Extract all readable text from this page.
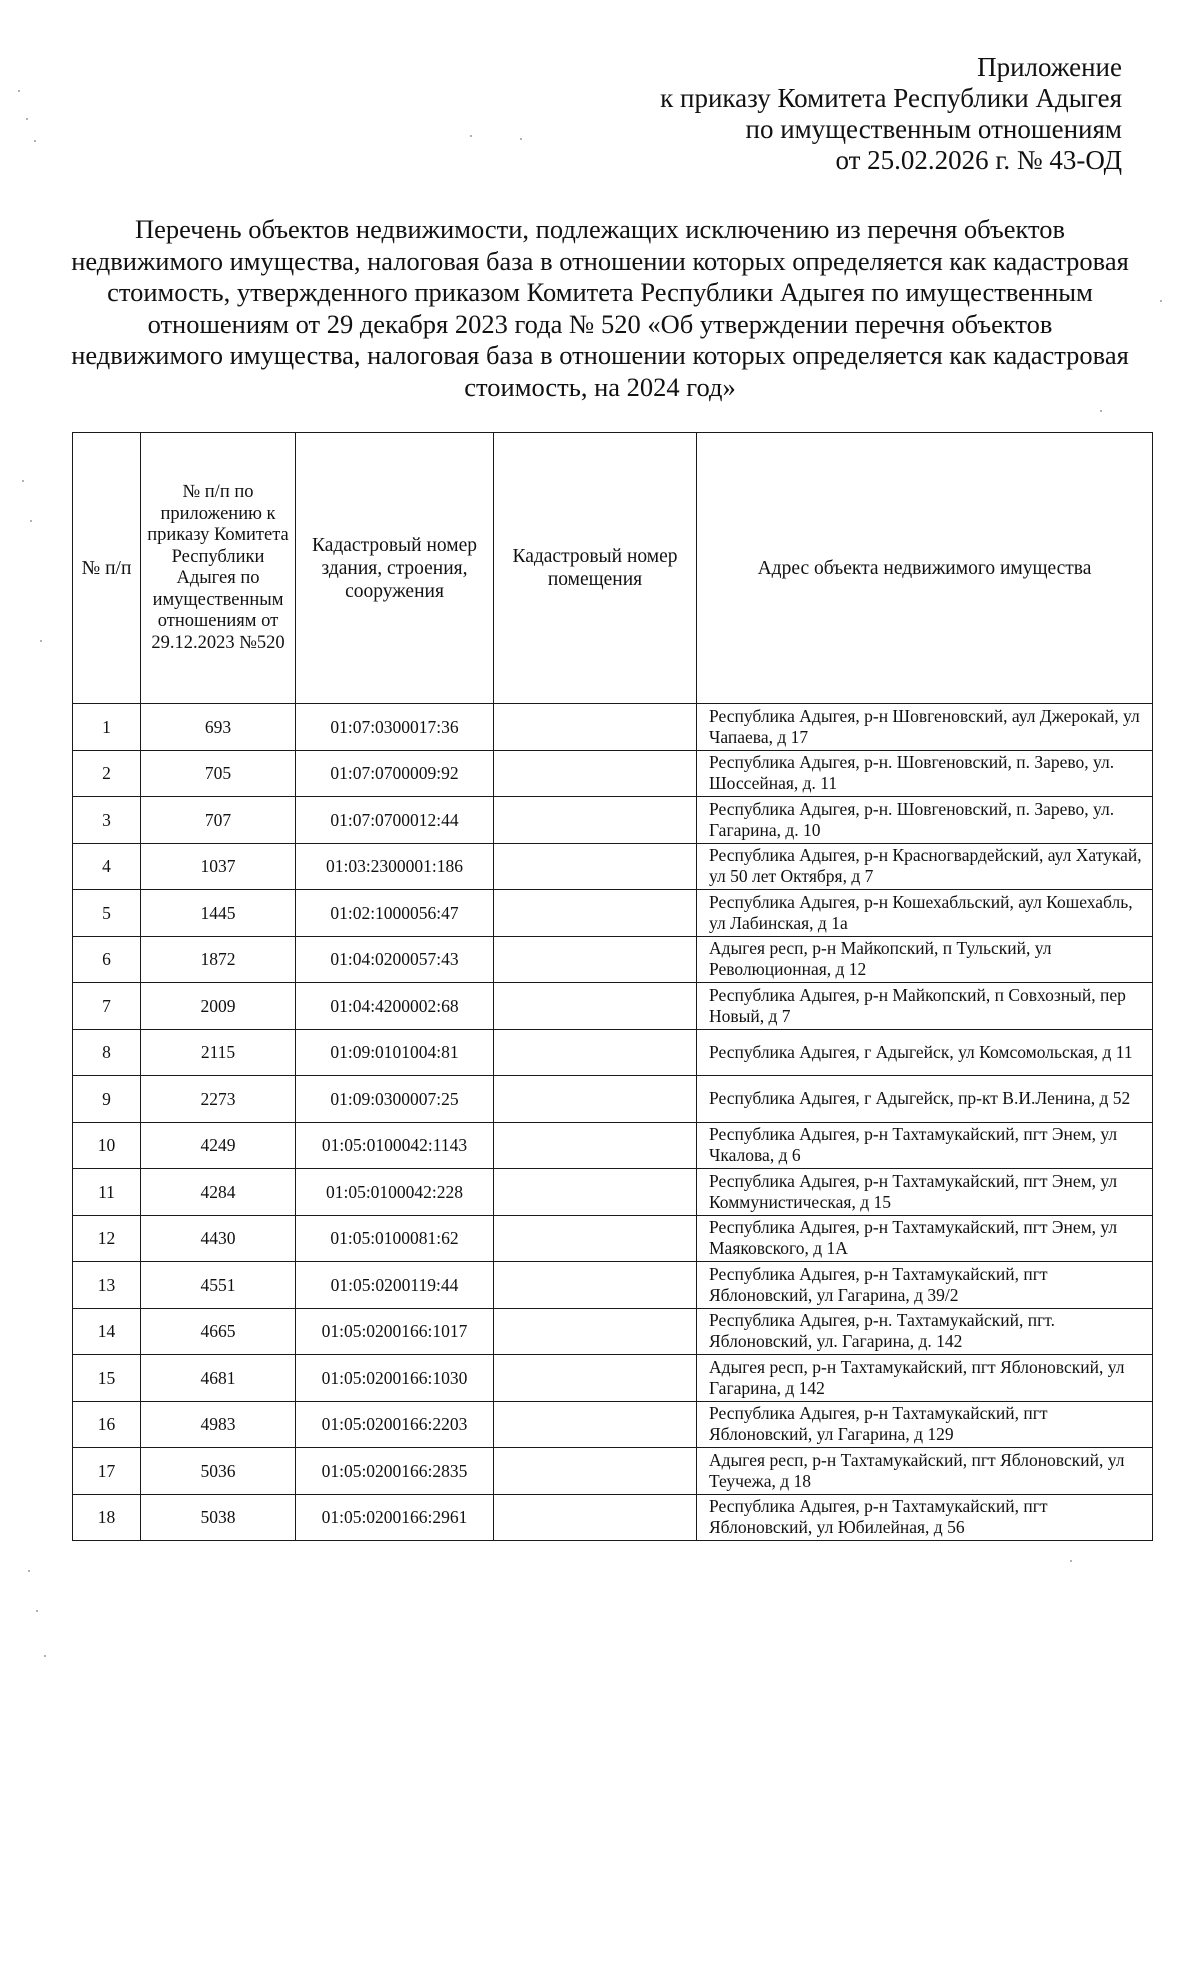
Приложение
к приказу Комитета Республики Адыгея
по имущественным отношениям
от 25.02.2026 г. № 43-ОД
Перечень объектов недвижимости, подлежащих исключению из перечня объектов недвижимого имущества, налоговая база в отношении которых определяется как кадастровая стоимость, утвержденного приказом Комитета Республики Адыгея по имущественным отношениям от 29 декабря 2023 года № 520 «Об утверждении перечня объектов недвижимого имущества, налоговая база в отношении которых определяется как кадастровая стоимость, на 2024 год»
№ п/п	№ п/п по приложению к приказу Комитета Республики Адыгея по имущественным отношениям от 29.12.2023 №520	Кадастровый номер здания, строения, сооружения	Кадастровый номер помещения	Адрес объекта недвижимого имущества
1	693	01:07:0300017:36		Республика Адыгея, р-н Шовгеновский, аул Джерокай, ул Чапаева, д 17
2	705	01:07:0700009:92		Республика Адыгея, р-н. Шовгеновский, п. Зарево, ул. Шоссейная, д. 11
3	707	01:07:0700012:44		Республика Адыгея, р-н. Шовгеновский, п. Зарево, ул. Гагарина, д. 10
4	1037	01:03:2300001:186		Республика Адыгея, р-н Красногвардейский, аул Хатукай, ул 50 лет Октября, д 7
5	1445	01:02:1000056:47		Республика Адыгея, р-н Кошехабльский, аул Кошехабль, ул Лабинская, д 1а
6	1872	01:04:0200057:43		Адыгея респ, р-н Майкопский, п Тульский, ул Революционная, д 12
7	2009	01:04:4200002:68		Республика Адыгея, р-н Майкопский, п Совхозный, пер Новый, д 7
8	2115	01:09:0101004:81		Республика Адыгея, г Адыгейск, ул Комсомольская, д 11
9	2273	01:09:0300007:25		Республика Адыгея, г Адыгейск, пр-кт В.И.Ленина, д 52
10	4249	01:05:0100042:1143		Республика Адыгея, р-н Тахтамукайский, пгт Энем, ул Чкалова, д 6
11	4284	01:05:0100042:228		Республика Адыгея, р-н Тахтамукайский, пгт Энем, ул Коммунистическая, д 15
12	4430	01:05:0100081:62		Республика Адыгея, р-н Тахтамукайский, пгт Энем, ул Маяковского, д 1А
13	4551	01:05:0200119:44		Республика Адыгея, р-н Тахтамукайский, пгт Яблоновский, ул Гагарина, д 39/2
14	4665	01:05:0200166:1017		Республика Адыгея, р-н. Тахтамукайский, пгт. Яблоновский, ул. Гагарина, д. 142
15	4681	01:05:0200166:1030		Адыгея респ, р-н Тахтамукайский, пгт Яблоновский, ул Гагарина, д 142
16	4983	01:05:0200166:2203		Республика Адыгея, р-н Тахтамукайский, пгт Яблоновский, ул Гагарина, д 129
17	5036	01:05:0200166:2835		Адыгея респ, р-н Тахтамукайский, пгт Яблоновский, ул Теучежа, д 18
18	5038	01:05:0200166:2961		Республика Адыгея, р-н Тахтамукайский, пгт Яблоновский, ул Юбилейная, д 56
